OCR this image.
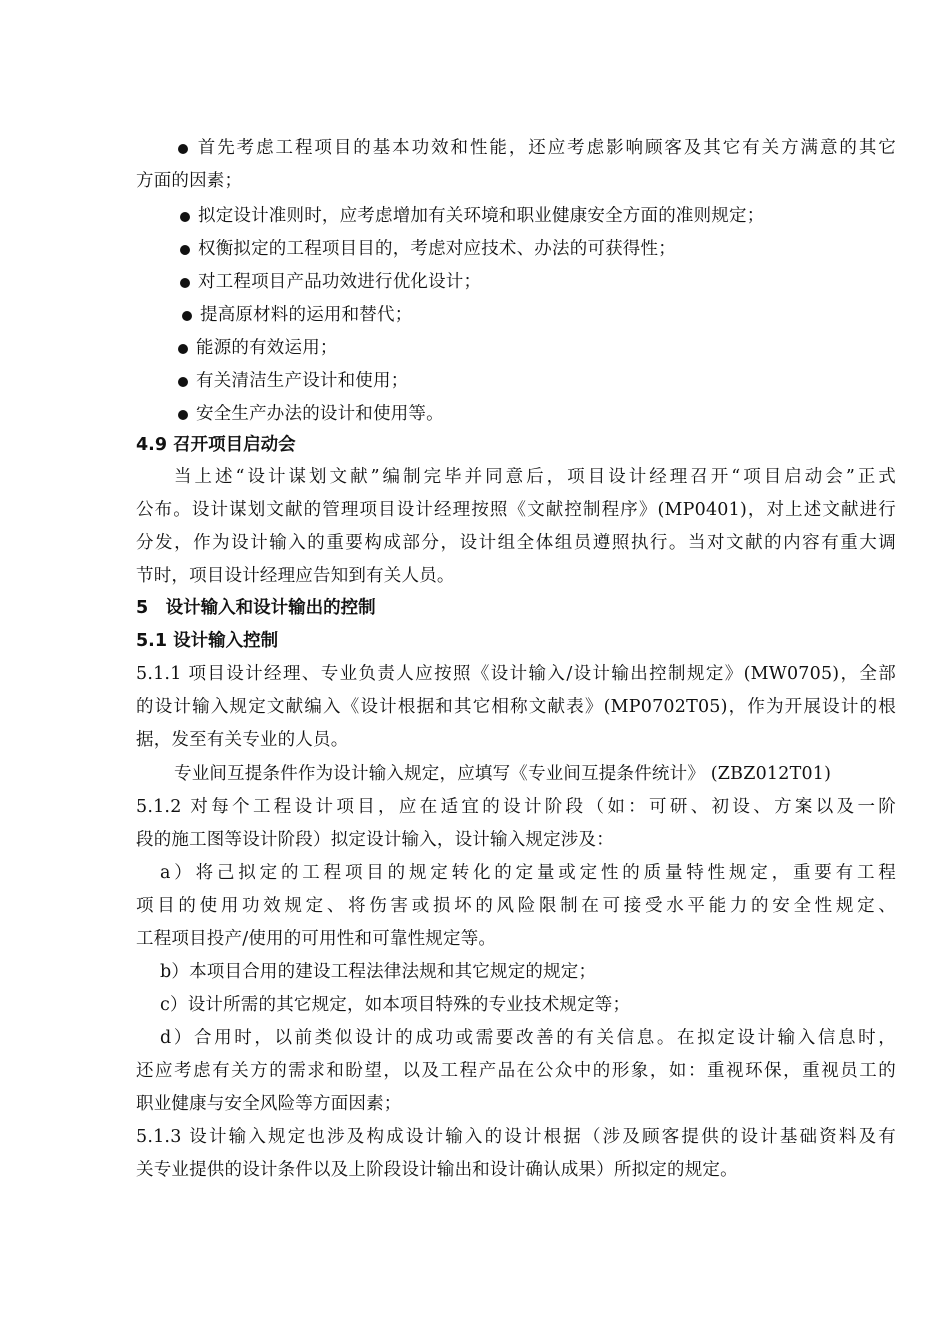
首先考虑工程项目的基本功效和性能，还应考虑影响顾客及其它有关方满意的其它
方面的因素；
拟定设计准则时，应考虑增加有关环境和职业健康安全方面的准则规定；
权衡拟定的工程项目目的，考虑对应技术、办法的可获得性；
对工程项目产品功效进行优化设计；
提高原材料的运用和替代；
能源的有效运用；
有关清洁生产设计和使用；
安全生产办法的设计和使用等。
4.9 召开项目启动会
当上述“设计谋划文献”编制完毕并同意后，项目设计经理召开“项目启动会”正式
公布。设计谋划文献的管理项目设计经理按照《文献控制程序》(MP0401)，对上述文献进行
分发，作为设计输入的重要构成部分，设计组全体组员遵照执行。当对文献的内容有重大调
节时，项目设计经理应告知到有关人员。
5　设计输入和设计输出的控制
5.1 设计输入控制
5.1.1 项目设计经理、专业负责人应按照《设计输入/设计输出控制规定》(MW0705)，全部
的设计输入规定文献编入《设计根据和其它相称文献表》(MP0702T05)，作为开展设计的根
据，发至有关专业的人员。
专业间互提条件作为设计输入规定，应填写《专业间互提条件统计》 (ZBZ012T01)
5.1.2 对每个工程设计项目，应在适宜的设计阶段（如：可研、初设、方案以及一阶
段的施工图等设计阶段）拟定设计输入，设计输入规定涉及：
a）将己拟定的工程项目的规定转化的定量或定性的质量特性规定，重要有工程
项目的使用功效规定、将伤害或损坏的风险限制在可接受水平能力的安全性规定、
工程项目投产/使用的可用性和可靠性规定等。
b）本项目合用的建设工程法律法规和其它规定的规定；
c）设计所需的其它规定，如本项目特殊的专业技术规定等；
d）合用时，以前类似设计的成功或需要改善的有关信息。在拟定设计输入信息时，
还应考虑有关方的需求和盼望，以及工程产品在公众中的形象，如：重视环保，重视员工的
职业健康与安全风险等方面因素；
5.1.3 设计输入规定也涉及构成设计输入的设计根据（涉及顾客提供的设计基础资料及有
关专业提供的设计条件以及上阶段设计输出和设计确认成果）所拟定的规定。
